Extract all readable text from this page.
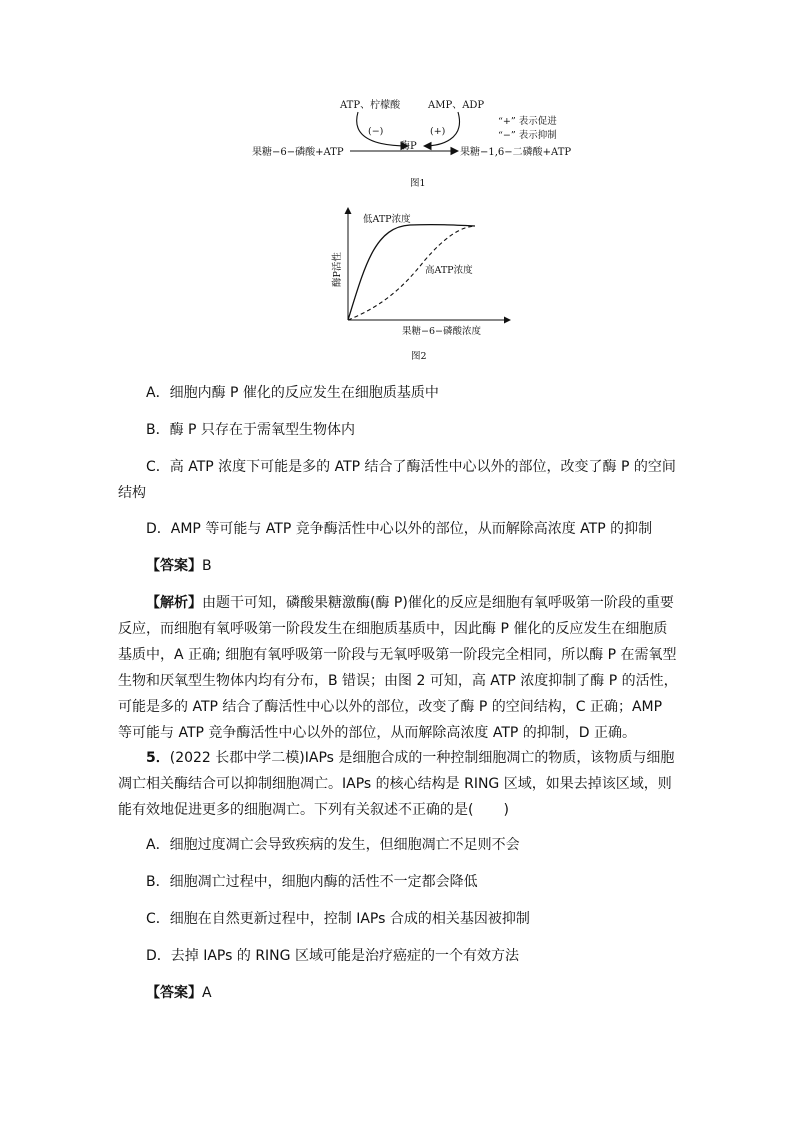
ATP、柠檬酸	AMP、ADP
“+” 表示促进
“−” 表示抑制
(−)	(+)
酶P
果糖−6−磷酸+ATP	果糖−1,6−二磷酸+ATP
图1
酶P活性
果糖−6−磷酸浓度
低ATP浓度
高ATP浓度
图2

A．细胞内酶 P 催化的反应发生在细胞质基质中

B．酶 P 只存在于需氧型生物体内

C．高 ATP 浓度下可能是多的 ATP 结合了酶活性中心以外的部位，改变了酶 P 的空间结构

D．AMP 等可能与 ATP 竞争酶活性中心以外的部位，从而解除高浓度 ATP 的抑制

【答案】B

【解析】由题干可知，磷酸果糖激酶(酶 P)催化的反应是细胞有氧呼吸第一阶段的重要反应，而细胞有氧呼吸第一阶段发生在细胞质基质中，因此酶 P 催化的反应发生在细胞质基质中，A 正确; 细胞有氧呼吸第一阶段与无氧呼吸第一阶段完全相同，所以酶 P 在需氧型生物和厌氧型生物体内均有分布，B 错误；由图 2 可知，高 ATP 浓度抑制了酶 P 的活性，可能是多的 ATP 结合了酶活性中心以外的部位，改变了酶 P 的空间结构，C 正确；AMP 等可能与 ATP 竞争酶活性中心以外的部位，从而解除高浓度 ATP 的抑制，D 正确。

5．(2022 长郡中学二模)IAPs 是细胞合成的一种控制细胞凋亡的物质，该物质与细胞凋亡相关酶结合可以抑制细胞凋亡。IAPs 的核心结构是 RING 区域，如果去掉该区域，则能有效地促进更多的细胞凋亡。下列有关叙述不正确的是( )

A．细胞过度凋亡会导致疾病的发生，但细胞凋亡不足则不会

B．细胞凋亡过程中，细胞内酶的活性不一定都会降低

C．细胞在自然更新过程中，控制 IAPs 合成的相关基因被抑制

D．去掉 IAPs 的 RING 区域可能是治疗癌症的一个有效方法

【答案】A
